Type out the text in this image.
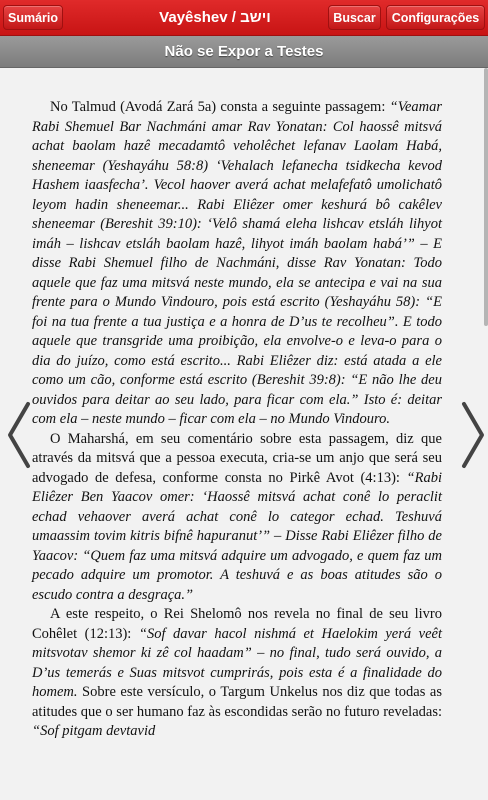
Sumário	Vayêshev / וישב	Buscar	Configurações
Não se Expor a Testes

No Talmud (Avodá Zará 5a) consta a seguinte passagem: “Veamar Rabi Shemuel Bar Nachmáni amar Rav Yonatan: Col haossê mitsvá achat baolam hazê mecadamtô veholêchet lefanav Laolam Habá, sheneemar (Yeshayáhu 58:8) ‘Vehalach lefanecha tsidkecha kevod Hashem iaasfecha’. Vecol haover averá achat melafefatô umolichatô leyom hadin sheneemar... Rabi Eliêzer omer keshurá bô cakêlev sheneemar (Bereshit 39:10): ‘Velô shamá eleha lishcav etsláh lihyot imáh – lishcav etsláh baolam hazê, lihyot imáh baolam habá’” – E disse Rabi Shemuel filho de Nachmáni, disse Rav Yonatan: Todo aquele que faz uma mitsvá neste mundo, ela se antecipa e vai na sua frente para o Mundo Vindouro, pois está escrito (Yeshayáhu 58): “E foi na tua frente a tua justiça e a honra de D’us te recolheu”. E todo aquele que transgride uma proibição, ela envolve-o e leva-o para o dia do juízo, como está escrito... Rabi Eliêzer diz: está atada a ele como um cão, conforme está escrito (Bereshit 39:8): “E não lhe deu ouvidos para deitar ao seu lado, para ficar com ela.” Isto é: deitar com ela – neste mundo – ficar com ela – no Mundo Vindouro.

O Maharshá, em seu comentário sobre esta passagem, diz que através da mitsvá que a pessoa executa, cria-se um anjo que será seu advogado de defesa, conforme consta no Pirkê Avot (4:13): “Rabi Eliêzer Ben Yaacov omer: ‘Haossê mitsvá achat conê lo peraclit echad vehaover averá achat conê lo categor echad. Teshuvá umaassim tovim kitris bifnê hapuranut’” – Disse Rabi Eliêzer filho de Yaacov: “Quem faz uma mitsvá adquire um advogado, e quem faz um pecado adquire um promotor. A teshuvá e as boas atitudes são o escudo contra a desgraça.”

A este respeito, o Rei Shelomô nos revela no final de seu livro Cohêlet (12:13): “Sof davar hacol nishmá et Haelokim yerá veêt mitsvotav shemor ki zê col haadam” – no final, tudo será ouvido, a D’us temerás e Suas mitsvot cumprirás, pois esta é a finalidade do homem. Sobre este versículo, o Targum Unkelus nos diz que todas as atitudes que o ser humano faz às escondidas serão no futuro reveladas: “Sof pitgam devtavid
